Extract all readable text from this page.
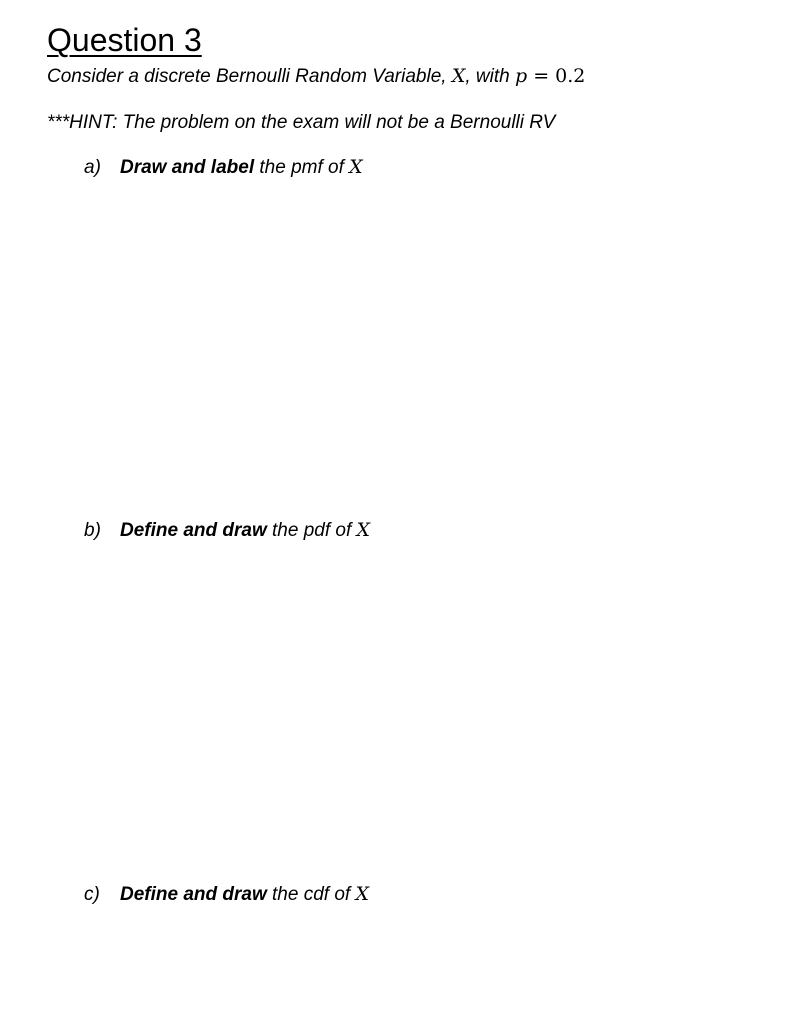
Question 3
Consider a discrete Bernoulli Random Variable, X, with p = 0.2
***HINT: The problem on the exam will not be a Bernoulli RV
a) Draw and label the pmf of X
b) Define and draw the pdf of X
c) Define and draw the cdf of X
